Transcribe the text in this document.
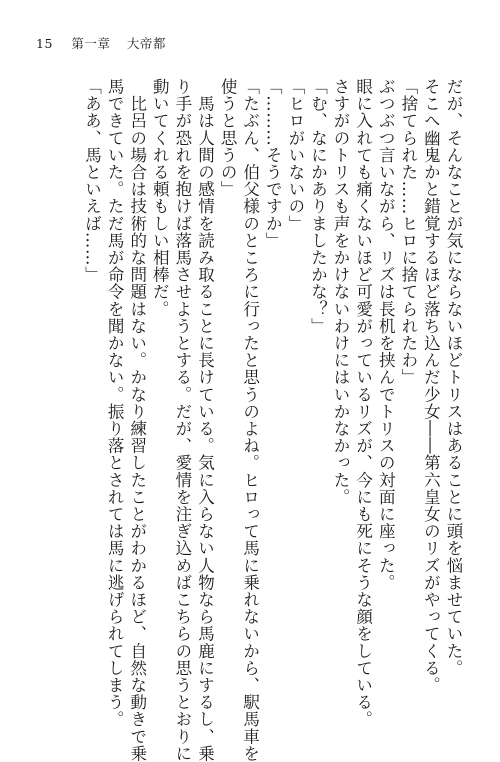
15 第一章 大帝都
だが、そんなことが気にならないほどトリスはあることに頭を悩ませていた。
そこへ幽鬼かと錯覚するほど落ち込んだ少女――第六皇女のリズがやってくる。
「捨てられた……ヒロに捨てられたわ」
ぶつぶつ言いながら、リズは長机を挟んでトリスの対面に座った。
眼に入れても痛くないほど可愛がっているリズが、今にも死にそうな顔をしている。
さすがのトリスも声をかけないわけにはいかなかった。
「む、なにかありましたかな？」
「ヒロがいないの」
「………そうですか」
「たぶん、伯父様のところに行ったと思うのよね。ヒロって馬に乗れないから、駅馬車を
使うと思うの」
　馬は人間の感情を読み取ることに長けている。気に入らない人物なら馬鹿にするし、乗
り手が恐れを抱けば落馬させようとする。だが、愛情を注ぎ込めばこちらの思うとおりに
動いてくれる頼もしい相棒だ。
　比呂の場合は技術的な問題はない。かなり練習したことがわかるほど、自然な動きで乗
馬できていた。ただ馬が命令を聞かない。振り落とされては馬に逃げられてしまう。
「ああ、馬といえば……」
